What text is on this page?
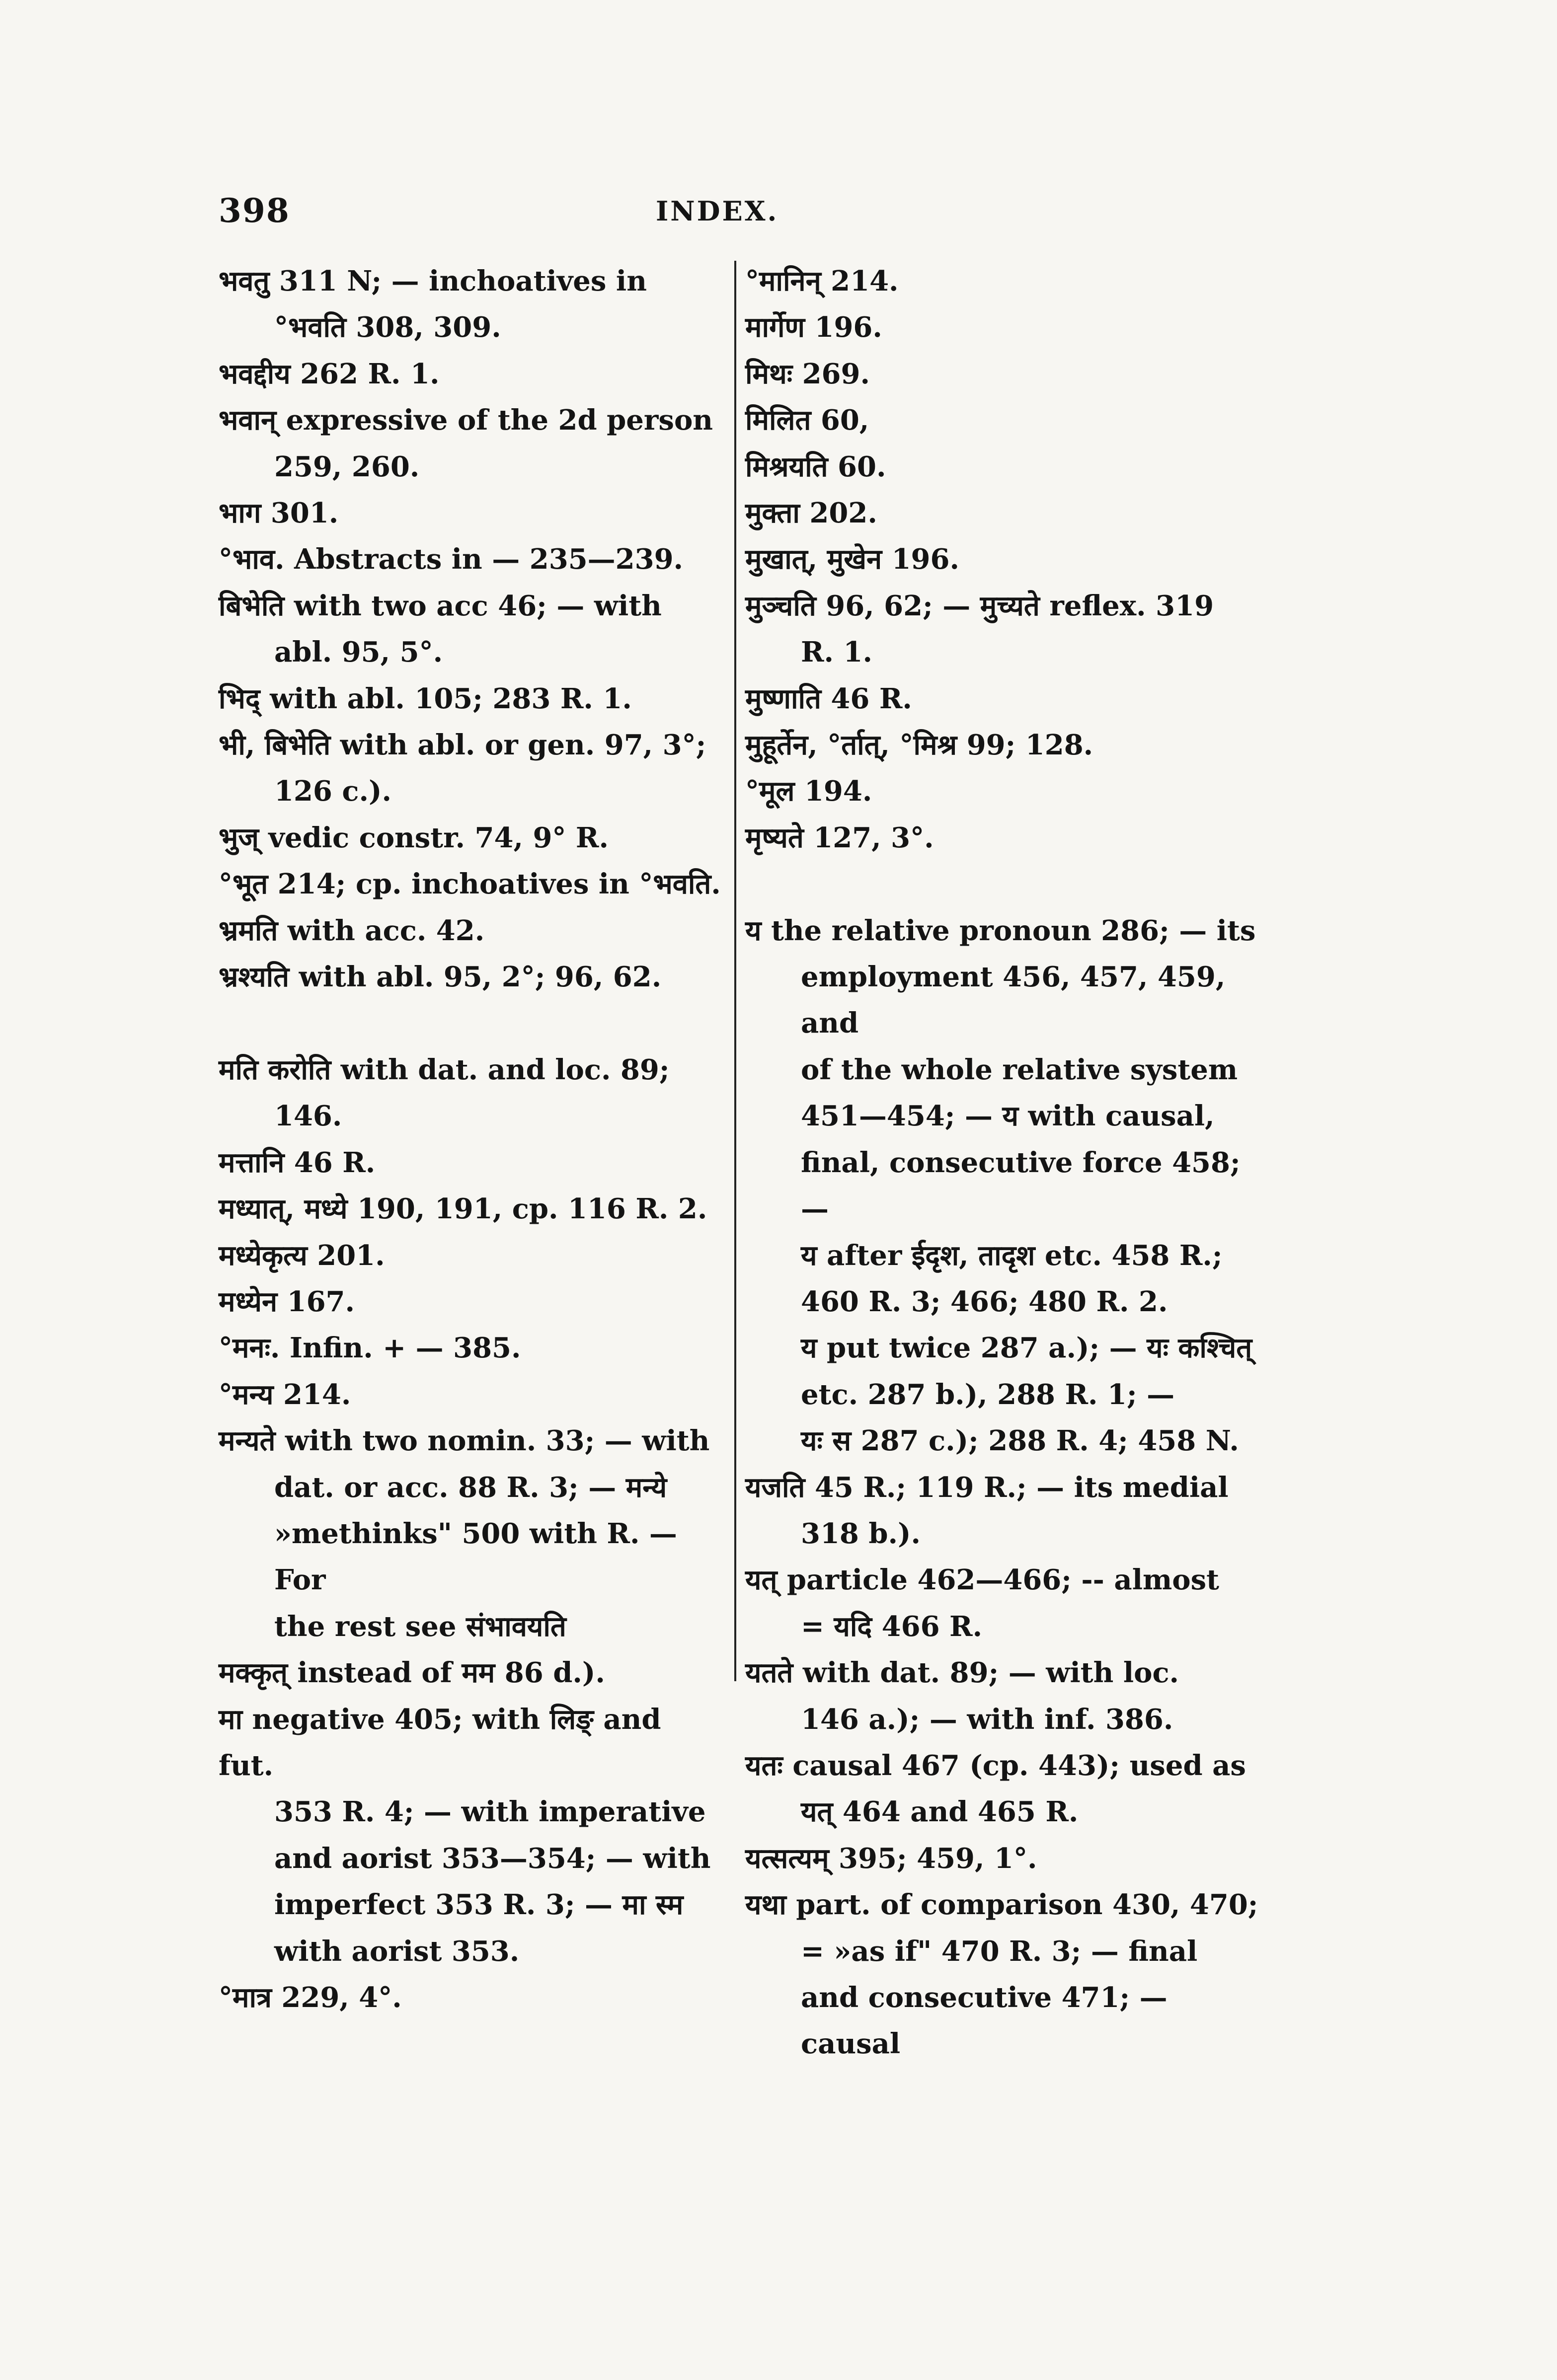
398	INDEX.
भवतु 311 N; — inchoatives in
°भवति 308, 309.
भवद्दीय 262 R. 1.
भवान् expressive of the 2d person
259, 260.
भाग 301.
°भाव. Abstracts in — 235—239.
बिभेति with two acc 46; — with
abl. 95, 5°.
भिद् with abl. 105; 283 R. 1.
भी, बिभेति with abl. or gen. 97, 3°;
126 c.).
भुज् vedic constr. 74, 9° R.
°भूत 214; cp. inchoatives in °भवति.
भ्रमति with acc. 42.
भ्रश्यति with abl. 95, 2°; 96, 62.
मति करोति with dat. and loc. 89;
146.
मत्तानि 46 R.
मध्यात्, मध्ये 190, 191, cp. 116 R. 2.
मध्येकृत्य 201.
मध्येन 167.
°मनः. Infin. + — 385.
°मन्य 214.
मन्यते with two nomin. 33; — with
dat. or acc. 88 R. 3; — मन्ये
»methinks" 500 with R. — For
the rest see संभावयति
मक्कृत् instead of मम 86 d.).
मा negative 405; with लिङ् and fut.
353 R. 4; — with imperative
and aorist 353—354; — with
imperfect 353 R. 3; — मा स्म
with aorist 353.
°मात्र 229, 4°.
°मानिन् 214.
मार्गेण 196.
मिथः 269.
मिलित 60,
मिश्रयति 60.
मुक्ता 202.
मुखात्, मुखेन 196.
मुञ्चति 96, 62; — मुच्यते reflex. 319
R. 1.
मुष्णाति 46 R.
मुहूर्तेन, °र्तात्, °मिश्र 99; 128.
°मूल 194.
मृष्यते 127, 3°.
य the relative pronoun 286; — its
employment 456, 457, 459, and
of the whole relative system
451—454; — य with causal,
final, consecutive force 458; —
य after ईदृश, तादृश etc. 458 R.;
460 R. 3; 466; 480 R. 2.
य put twice 287 a.); — यः कश्चित्
etc. 287 b.), 288 R. 1; —
यः स 287 c.); 288 R. 4; 458 N.
यजति 45 R.; 119 R.; — its medial
318 b.).
यत् particle 462—466; -- almost
= यदि 466 R.
यतते with dat. 89; — with loc.
146 a.); — with inf. 386.
यतः causal 467 (cp. 443); used as
यत् 464 and 465 R.
यत्सत्यम् 395; 459, 1°.
यथा part. of comparison 430, 470;
= »as if" 470 R. 3; — final
and consecutive 471; — causal
